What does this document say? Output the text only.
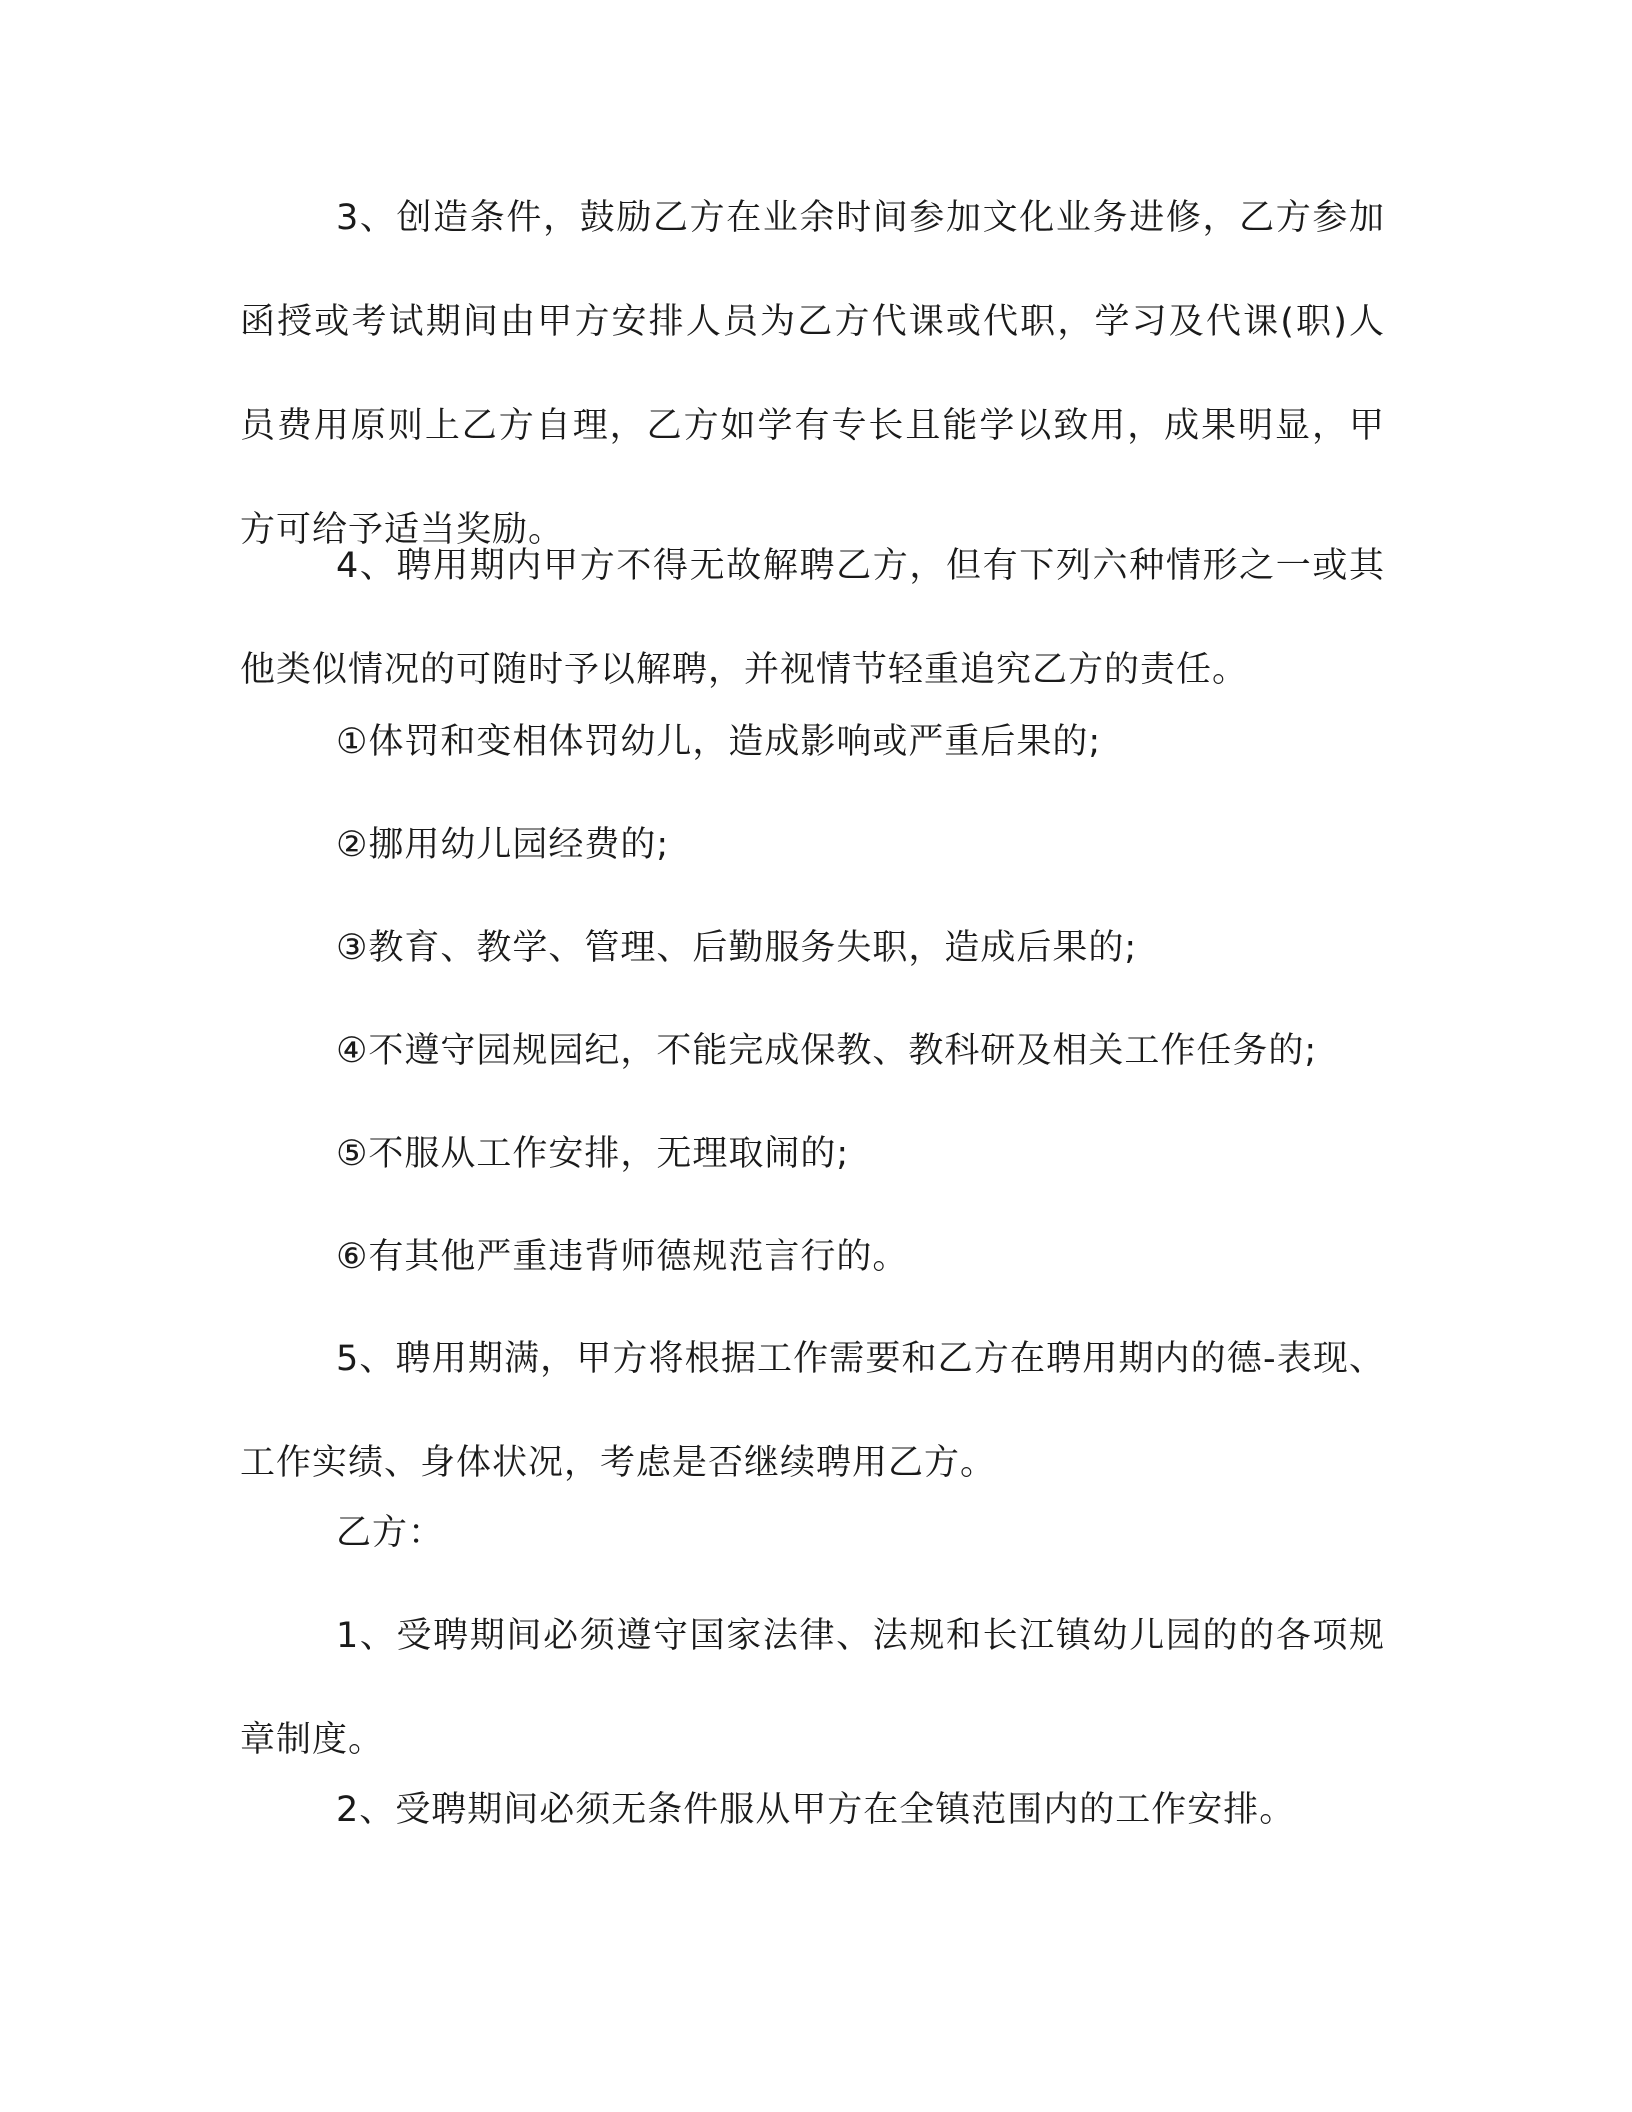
3、创造条件，鼓励乙方在业余时间参加文化业务进修，乙方参加函授或考试期间由甲方安排人员为乙方代课或代职，学习及代课(职)人员费用原则上乙方自理，乙方如学有专长且能学以致用，成果明显，甲方可给予适当奖励。

4、聘用期内甲方不得无故解聘乙方，但有下列六种情形之一或其他类似情况的可随时予以解聘，并视情节轻重追究乙方的责任。

①体罚和变相体罚幼儿，造成影响或严重后果的;

②挪用幼儿园经费的;

③教育、教学、管理、后勤服务失职，造成后果的;

④不遵守园规园纪，不能完成保教、教科研及相关工作任务的;

⑤不服从工作安排，无理取闹的;

⑥有其他严重违背师德规范言行的。

5、聘用期满，甲方将根据工作需要和乙方在聘用期内的德-表现、工作实绩、身体状况，考虑是否继续聘用乙方。

乙方：

1、受聘期间必须遵守国家法律、法规和长江镇幼儿园的的各项规章制度。

2、受聘期间必须无条件服从甲方在全镇范围内的工作安排。
